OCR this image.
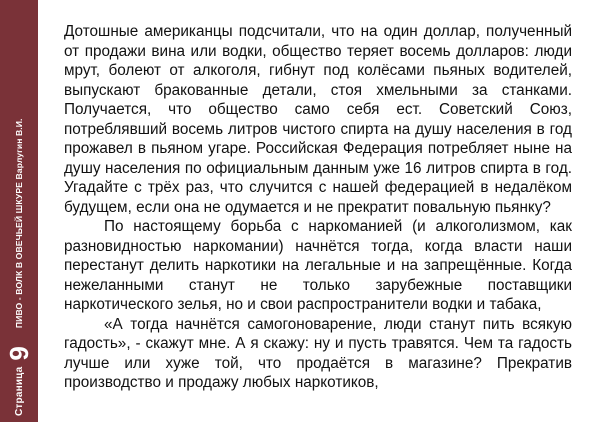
Страница
9
ПИВО - ВОЛК В ОВЕЧЬЕЙ ШКУРЕ Варлугин В.И.

Дотошные американцы подсчитали, что на один доллар, полученный от продажи вина или водки, общество теряет восемь долларов: люди мрут, болеют от алкоголя, гибнут под колёсами пьяных водителей, выпускают бракованные детали, стоя хмельными за станками. Получается, что общество само себя ест. Советский Союз, потреблявший восемь литров чистого спирта на душу населения в год прожавел в пьяном угаре. Российская Федерация потребляет ныне на душу населения по официальным данным уже 16 литров спирта в год. Угадайте с трёх раз, что случится с нашей федерацией в недалёком будущем, если она не одумается и не прекратит повальную пьянку?

По настоящему борьба с наркоманией (и алкоголизмом, как разновидностью наркомании) начнётся тогда, когда власти наши перестанут делить наркотики на легальные и на запрещённые. Когда нежеланными станут не только зарубежные поставщики наркотического зелья, но и свои распространители водки и табака,

«А тогда начнётся самогоноварение, люди станут пить всякую гадость», - скажут мне. А я скажу: ну и пусть травятся. Чем та гадость лучше или хуже той, что продаётся в магазине? Прекратив производство и продажу любых наркотиков,
